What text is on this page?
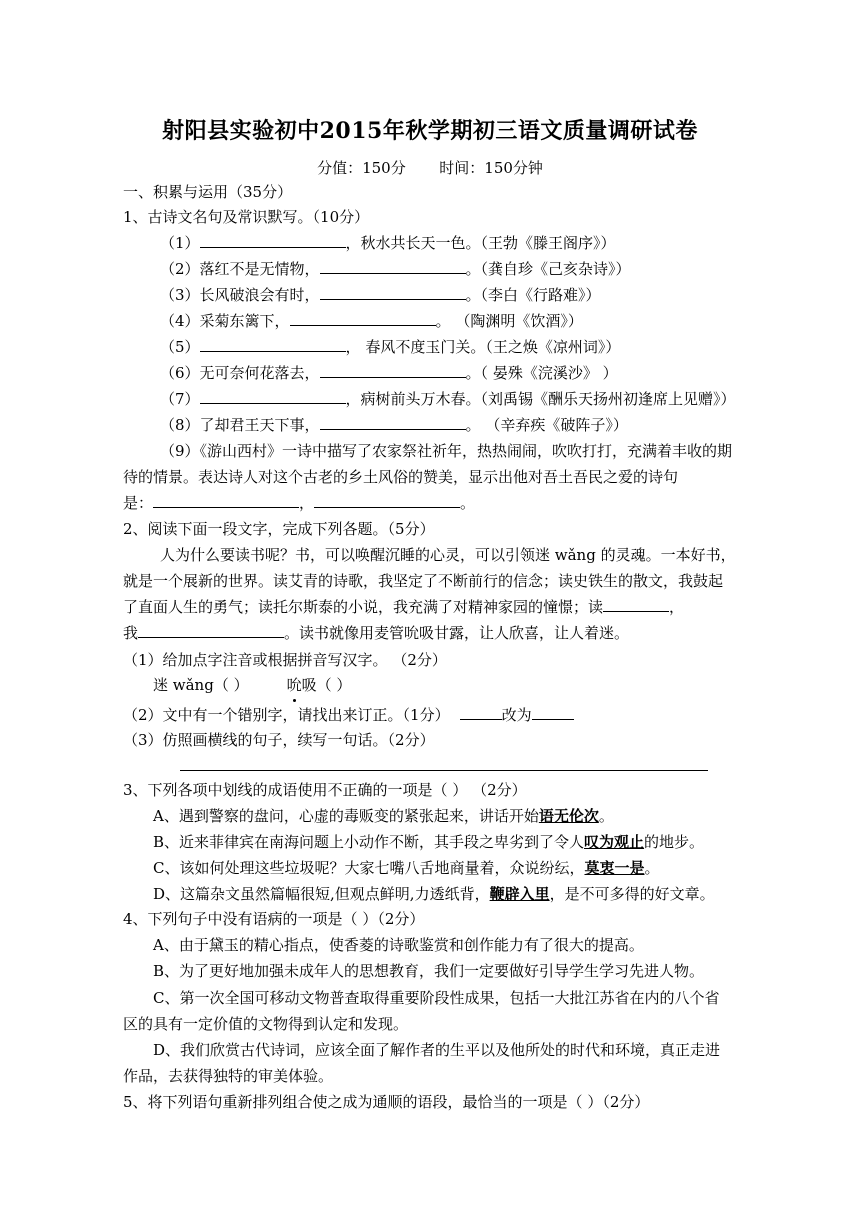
射阳县实验初中2015年秋学期初三语文质量调研试卷
分值：150分 时间：150分钟
一、积累与运用（35分）
1、古诗文名句及常识默写。（10分）
（1）	，秋水共长天一色。（王勃《滕王阁序》）
（2）落红不是无情物，	。（龚自珍《己亥杂诗》）
（3）长风破浪会有时，	。（李白《行路难》）
（4）采菊东篱下，	。 （陶渊明《饮酒》）
（5）	， 春风不度玉门关。（王之焕《凉州词》）
（6）无可奈何花落去，	。（ 晏殊《浣溪沙》 ）
（7）	，病树前头万木春。（刘禹锡《酬乐天扬州初逢席上见赠》）
（8）了却君王天下事，	。 （辛弃疾《破阵子》）
（9）《游山西村》一诗中描写了农家祭社祈年，热热闹闹，吹吹打打，充满着丰收的期
待的情景。表达诗人对这个古老的乡土风俗的赞美，显示出他对吾土吾民之爱的诗句
是：	，	。
2、阅读下面一段文字，完成下列各题。（5分）
人为什么要读书呢？书，可以唤醒沉睡的心灵，可以引领迷 wǎng 的灵魂。一本好书，
就是一个展新的世界。读艾青的诗歌，我坚定了不断前行的信念；读史铁生的散文，我鼓起
了直面人生的勇气；读托尔斯泰的小说，我充满了对精神家园的憧憬；读	，
我	。读书就像用麦管吮吸甘露，让人欣喜，让人着迷。
（1）给加点字注音或根据拼音写汉字。 （2分）
迷 wǎng（ ）	吮吸（ ）
（2）文中有一个错别字，请找出来订正。（1分）	改为
（3）仿照画横线的句子，续写一句话。（2分）
3、下列各项中划线的成语使用不正确的一项是（ ） （2分）
A、遇到警察的盘问，心虚的毒贩变的紧张起来，讲话开始语无伦次。
B、近来菲律宾在南海问题上小动作不断，其手段之卑劣到了令人叹为观止的地步。
C、该如何处理这些垃圾呢？大家七嘴八舌地商量着，众说纷纭，莫衷一是。
D、这篇杂文虽然篇幅很短,但观点鲜明,力透纸背，鞭辟入里，是不可多得的好文章。
4、下列句子中没有语病的一项是（ ）（2分）
A、由于黛玉的精心指点，使香菱的诗歌鉴赏和创作能力有了很大的提高。
B、为了更好地加强未成年人的思想教育，我们一定要做好引导学生学习先进人物。
C、第一次全国可移动文物普查取得重要阶段性成果，包括一大批江苏省在内的八个省
区的具有一定价值的文物得到认定和发现。
D、我们欣赏古代诗词，应该全面了解作者的生平以及他所处的时代和环境，真正走进
作品，去获得独特的审美体验。
5、将下列语句重新排列组合使之成为通顺的语段，最恰当的一项是（ ）（2分）
